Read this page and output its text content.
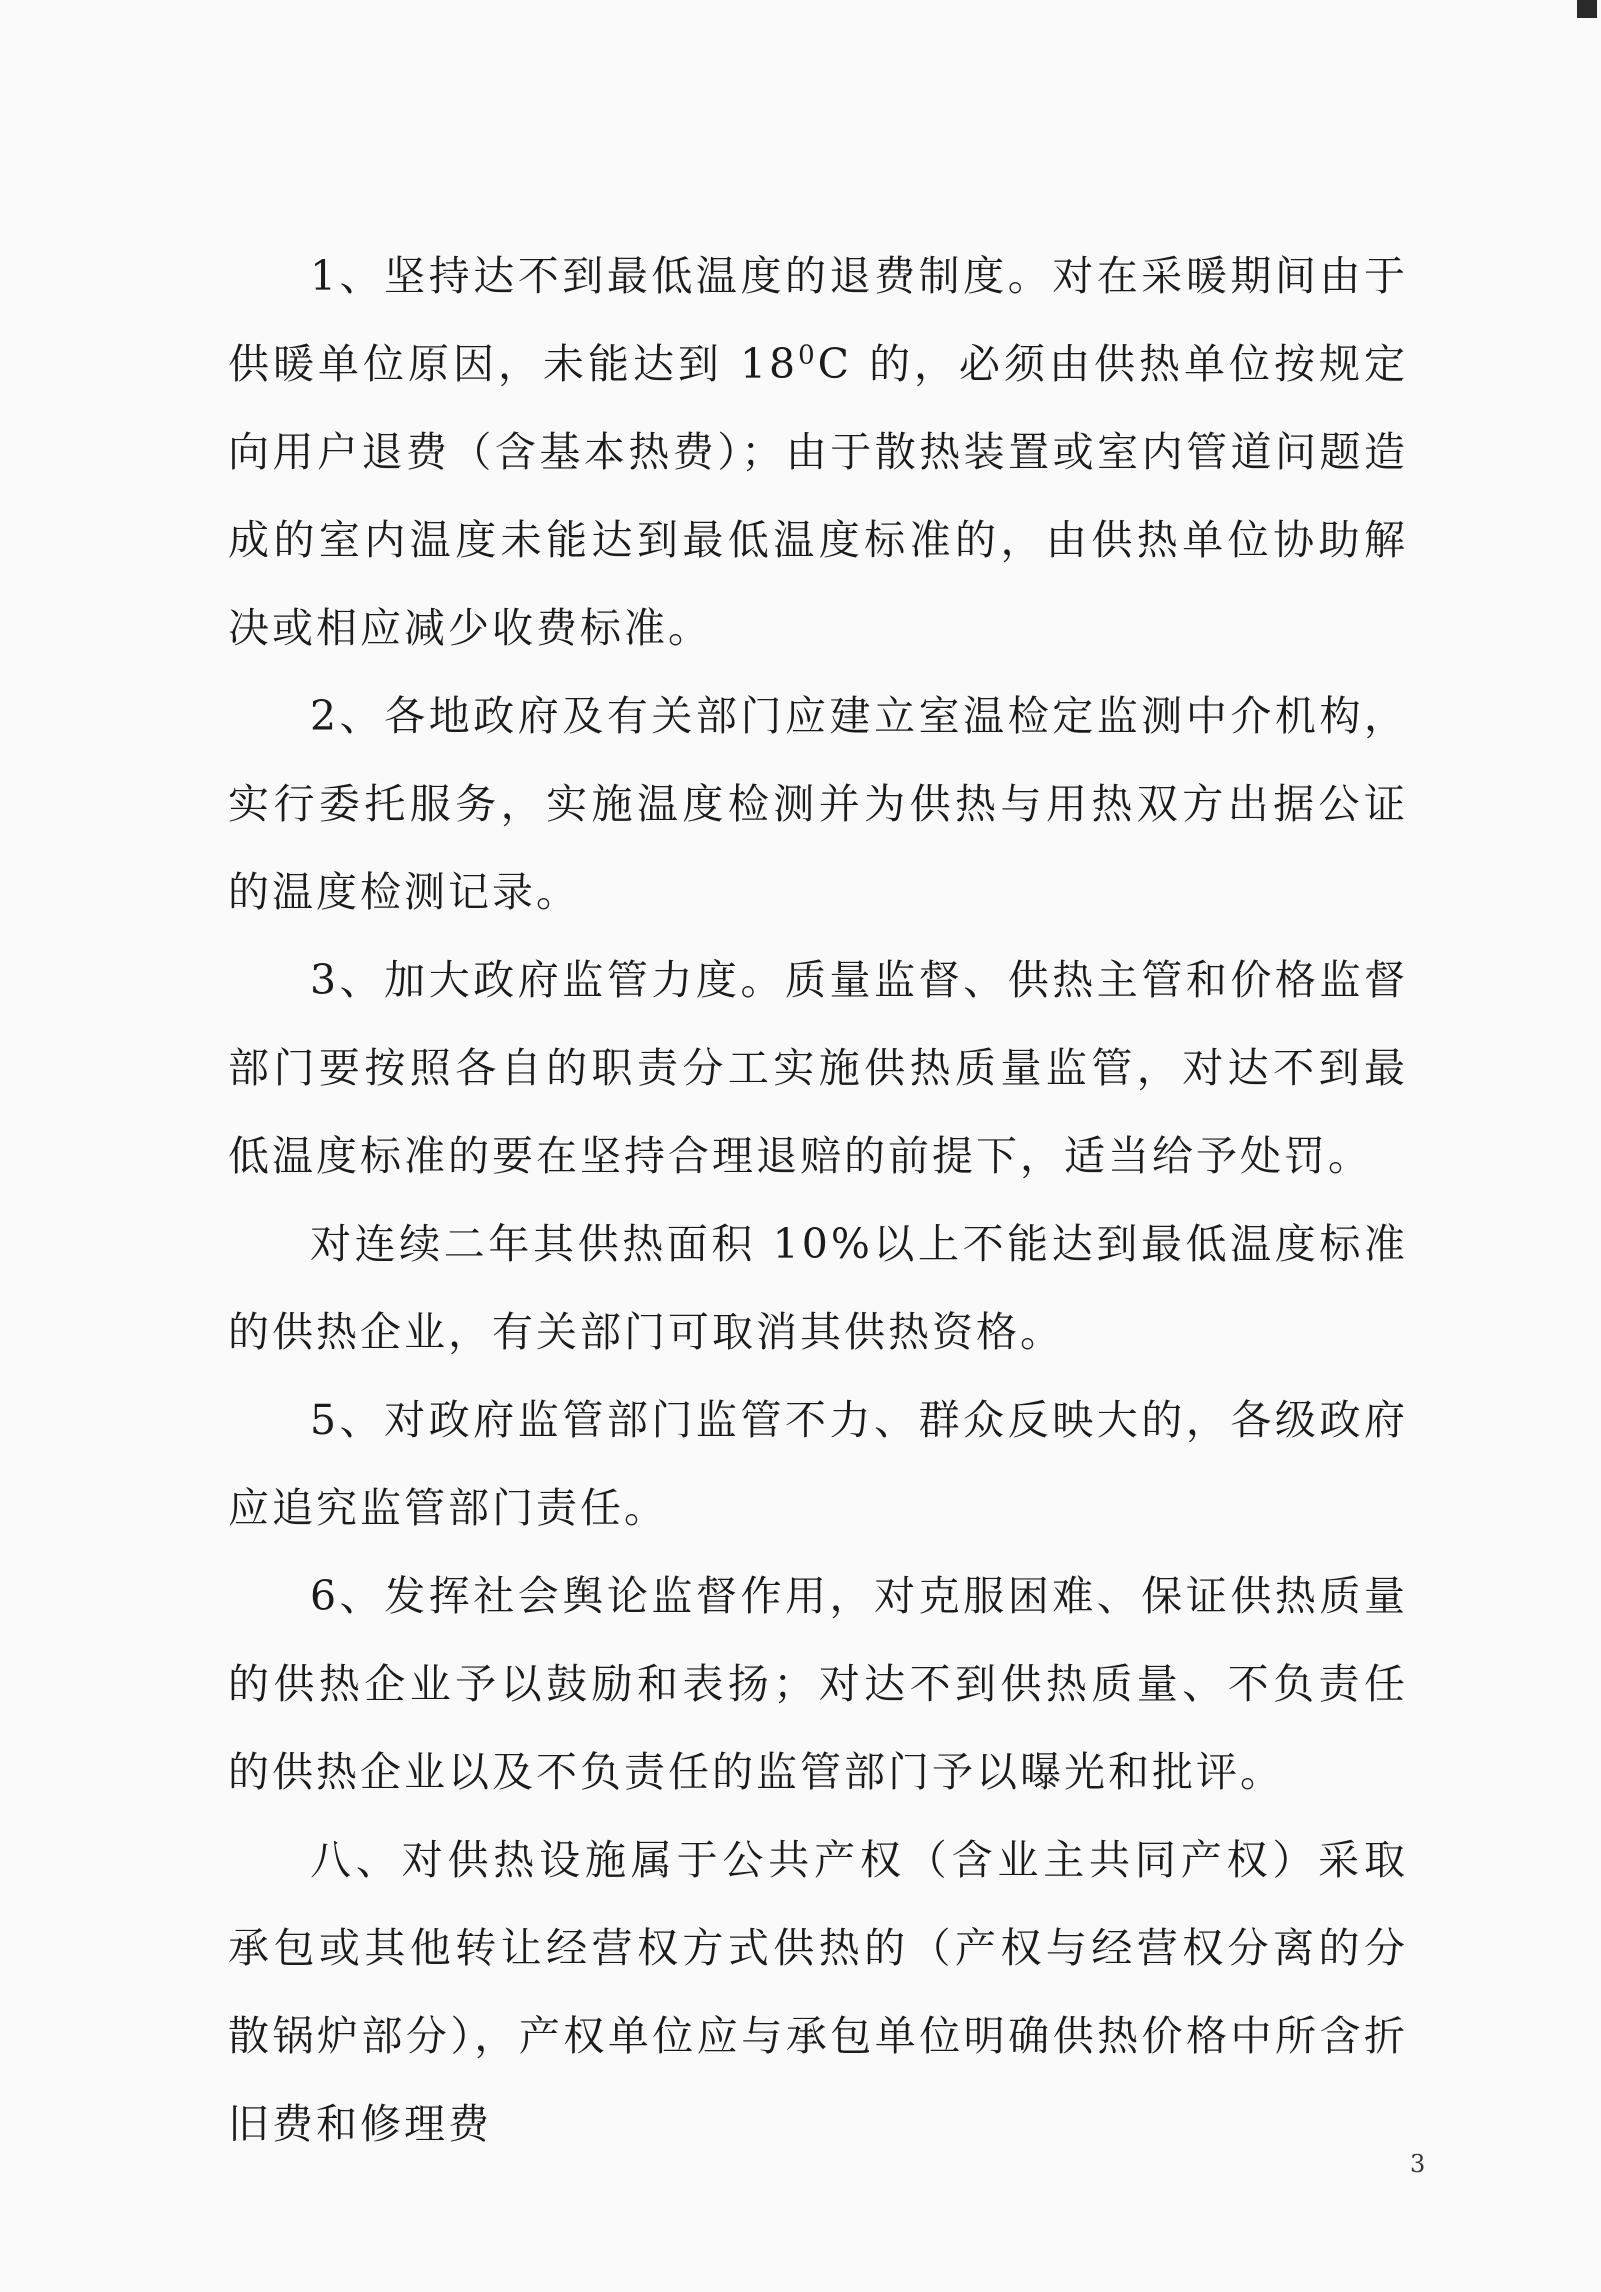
1、坚持达不到最低温度的退费制度。对在采暖期间由于供暖单位原因，未能达到 $18^0C$ 的，必须由供热单位按规定向用户退费（含基本热费）；由于散热装置或室内管道问题造成的室内温度未能达到最低温度标准的，由供热单位协助解决或相应减少收费标准。

2、各地政府及有关部门应建立室温检定监测中介机构，实行委托服务，实施温度检测并为供热与用热双方出据公证的温度检测记录。

3、加大政府监管力度。质量监督、供热主管和价格监督部门要按照各自的职责分工实施供热质量监管，对达不到最低温度标准的要在坚持合理退赔的前提下，适当给予处罚。

对连续二年其供热面积 10%以上不能达到最低温度标准的供热企业，有关部门可取消其供热资格。

5、对政府监管部门监管不力、群众反映大的，各级政府应追究监管部门责任。

6、发挥社会舆论监督作用，对克服困难、保证供热质量的供热企业予以鼓励和表扬；对达不到供热质量、不负责任的供热企业以及不负责任的监管部门予以曝光和批评。

八、对供热设施属于公共产权（含业主共同产权）采取承包或其他转让经营权方式供热的（产权与经营权分离的分散锅炉部分），产权单位应与承包单位明确供热价格中所含折旧费和修理费

3
